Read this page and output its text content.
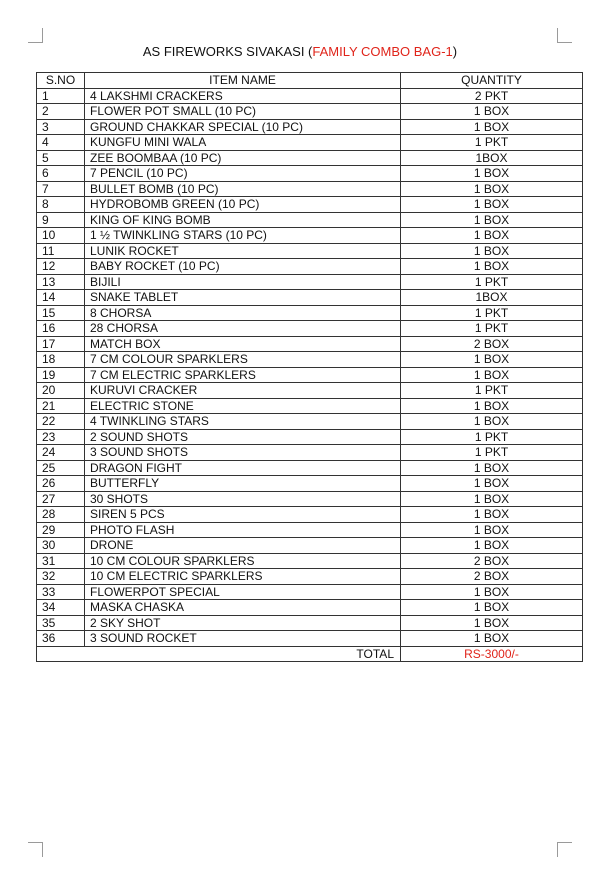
AS FIREWORKS SIVAKASI (FAMILY COMBO BAG-1)
S.NO	ITEM NAME	QUANTITY
1	4 LAKSHMI CRACKERS	2 PKT
2	FLOWER POT SMALL (10 PC)	1 BOX
3	GROUND CHAKKAR SPECIAL (10 PC)	1 BOX
4	KUNGFU MINI WALA	1 PKT
5	ZEE BOOMBAA (10 PC)	1BOX
6	7 PENCIL (10 PC)	1 BOX
7	BULLET BOMB (10 PC)	1 BOX
8	HYDROBOMB GREEN (10 PC)	1 BOX
9	KING OF KING BOMB	1 BOX
10	1 ½ TWINKLING STARS (10 PC)	1 BOX
11	LUNIK ROCKET	1 BOX
12	BABY ROCKET (10 PC)	1 BOX
13	BIJILI	1 PKT
14	SNAKE TABLET	1BOX
15	8 CHORSA	1 PKT
16	28 CHORSA	1 PKT
17	MATCH BOX	2 BOX
18	7 CM COLOUR SPARKLERS	1 BOX
19	7 CM ELECTRIC SPARKLERS	1 BOX
20	KURUVI CRACKER	1 PKT
21	ELECTRIC STONE	1 BOX
22	4 TWINKLING STARS	1 BOX
23	2 SOUND SHOTS	1 PKT
24	3 SOUND SHOTS	1 PKT
25	DRAGON FIGHT	1 BOX
26	BUTTERFLY	1 BOX
27	30 SHOTS	1 BOX
28	SIREN 5 PCS	1 BOX
29	PHOTO FLASH	1 BOX
30	DRONE	1 BOX
31	10 CM COLOUR SPARKLERS	2 BOX
32	10 CM ELECTRIC SPARKLERS	2 BOX
33	FLOWERPOT SPECIAL	1 BOX
34	MASKA CHASKA	1 BOX
35	2 SKY SHOT	1 BOX
36	3 SOUND ROCKET	1 BOX
TOTAL		RS-3000/-
